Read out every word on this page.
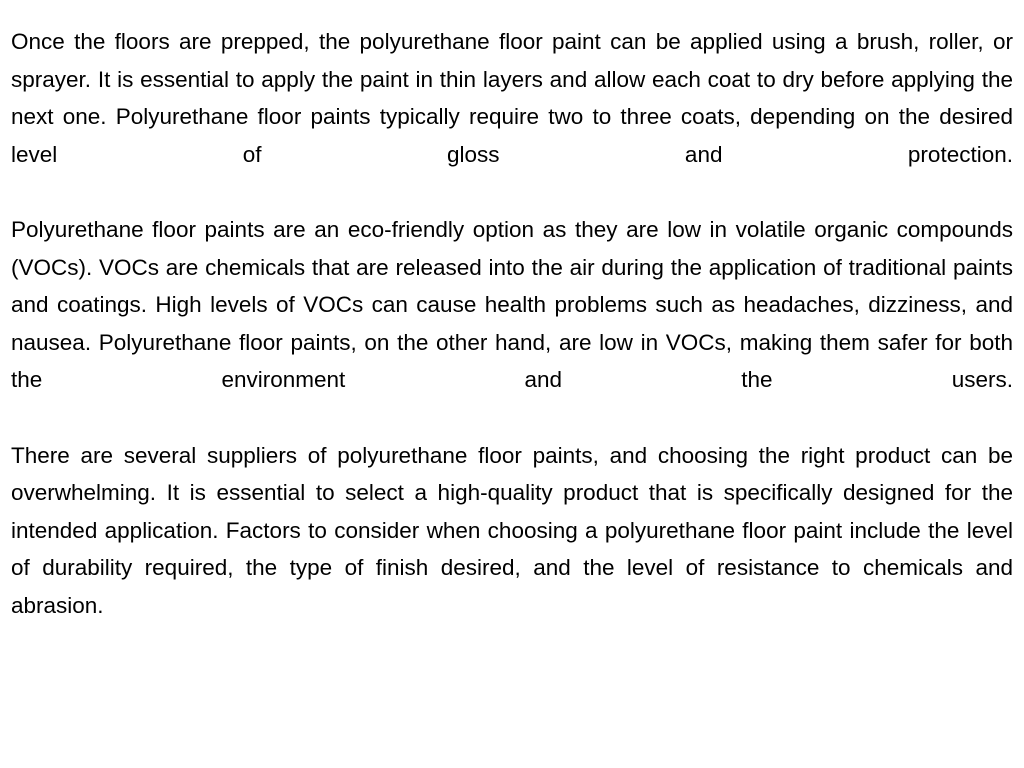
Once the floors are prepped, the polyurethane floor paint can be applied using a brush, roller, or sprayer. It is essential to apply the paint in thin layers and allow each coat to dry before applying the next one. Polyurethane floor paints typically require two to three coats, depending on the desired level of gloss and protection.

Polyurethane floor paints are an eco-friendly option as they are low in volatile organic compounds (VOCs). VOCs are chemicals that are released into the air during the application of traditional paints and coatings. High levels of VOCs can cause health problems such as headaches, dizziness, and nausea. Polyurethane floor paints, on the other hand, are low in VOCs, making them safer for both the environment and the users.

There are several suppliers of polyurethane floor paints, and choosing the right product can be overwhelming. It is essential to select a high-quality product that is specifically designed for the intended application. Factors to consider when choosing a polyurethane floor paint include the level of durability required, the type of finish desired, and the level of resistance to chemicals and abrasion.
